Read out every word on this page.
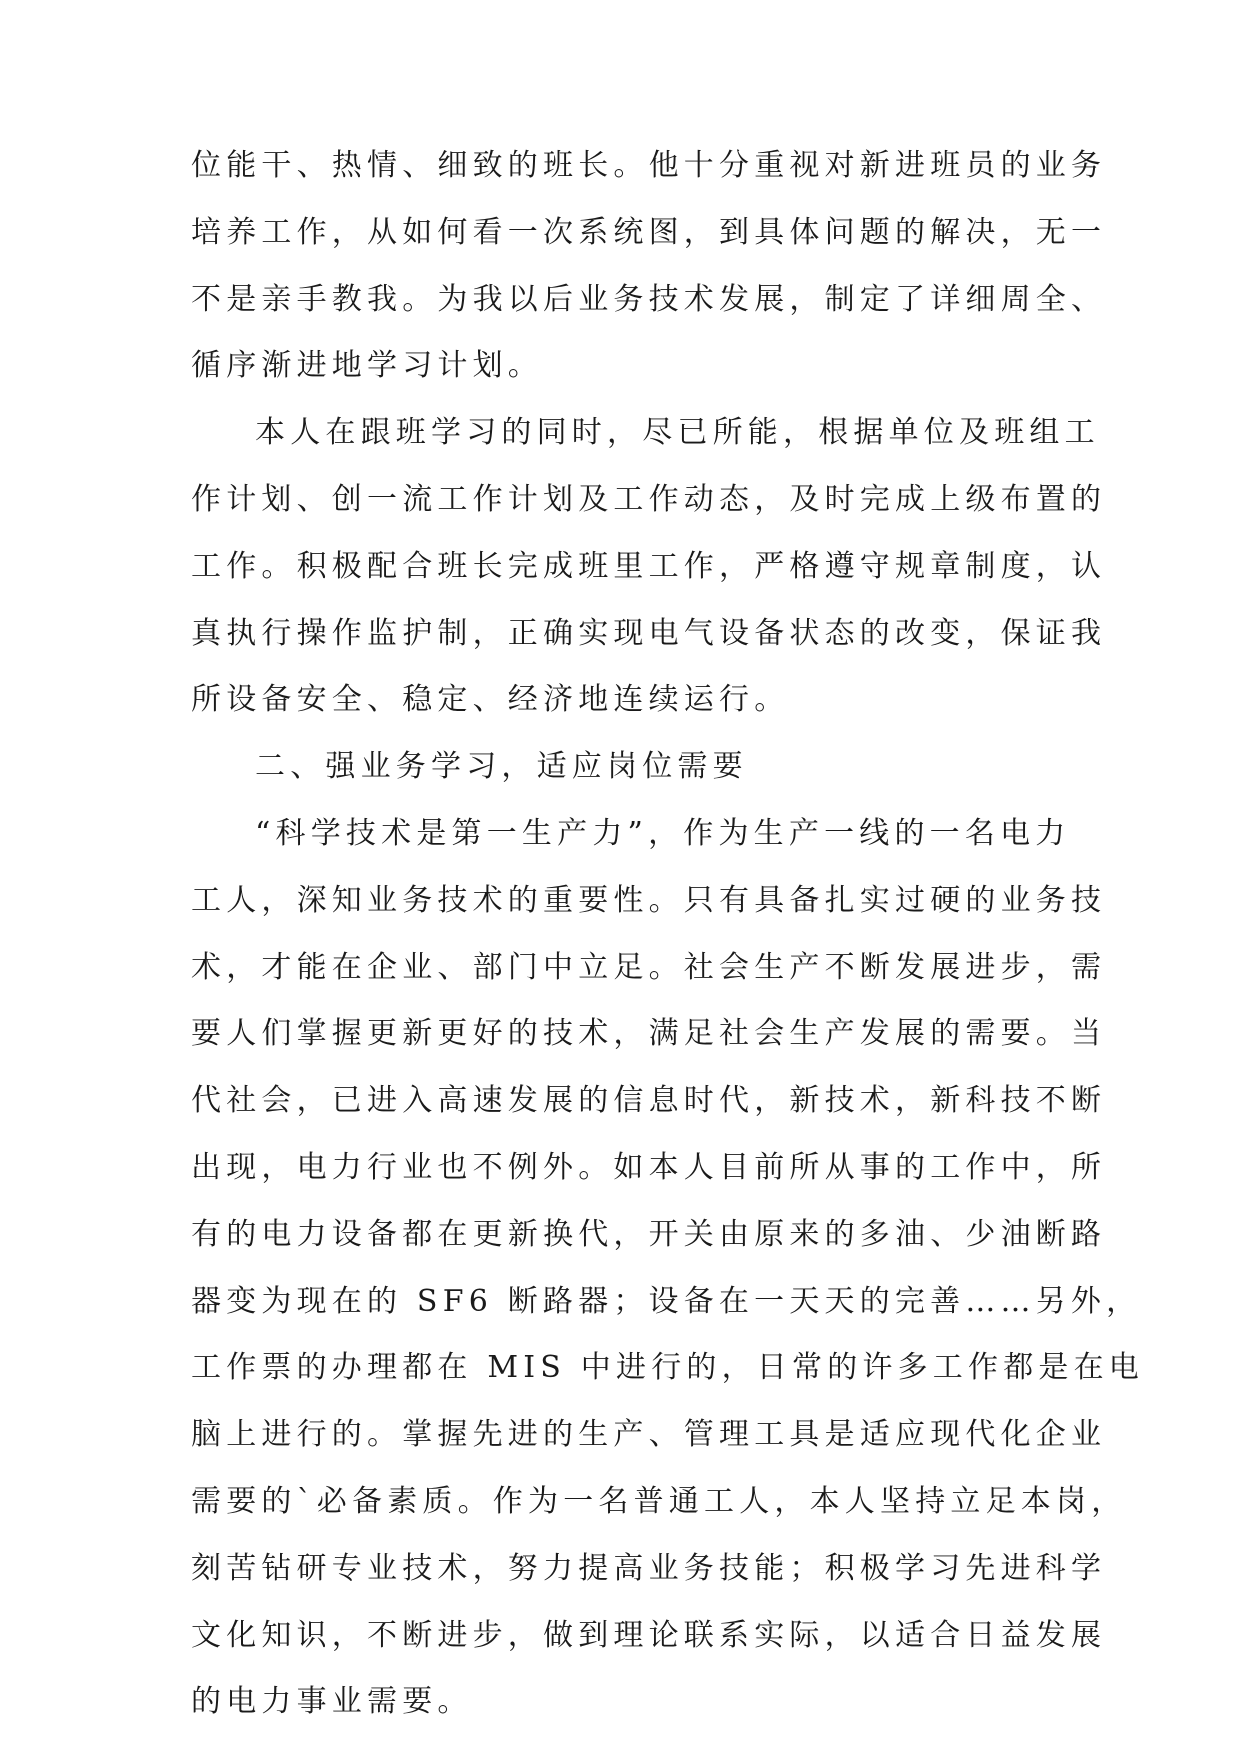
位能干、热情、细致的班长。他十分重视对新进班员的业务
培养工作，从如何看一次系统图，到具体问题的解决，无一
不是亲手教我。为我以后业务技术发展，制定了详细周全、
循序渐进地学习计划。
本人在跟班学习的同时，尽已所能，根据单位及班组工
作计划、创一流工作计划及工作动态，及时完成上级布置的
工作。积极配合班长完成班里工作，严格遵守规章制度，认
真执行操作监护制，正确实现电气设备状态的改变，保证我
所设备安全、稳定、经济地连续运行。
二、强业务学习，适应岗位需要
“科学技术是第一生产力”，作为生产一线的一名电力
工人，深知业务技术的重要性。只有具备扎实过硬的业务技
术，才能在企业、部门中立足。社会生产不断发展进步，需
要人们掌握更新更好的技术，满足社会生产发展的需要。当
代社会，已进入高速发展的信息时代，新技术，新科技不断
出现，电力行业也不例外。如本人目前所从事的工作中，所
有的电力设备都在更新换代，开关由原来的多油、少油断路
器变为现在的 SF6 断路器；设备在一天天的完善……另外，
工作票的办理都在 MIS 中进行的，日常的许多工作都是在电
脑上进行的。掌握先进的生产、管理工具是适应现代化企业
需要的`必备素质。作为一名普通工人，本人坚持立足本岗，
刻苦钻研专业技术，努力提高业务技能；积极学习先进科学
文化知识，不断进步，做到理论联系实际，以适合日益发展
的电力事业需要。
